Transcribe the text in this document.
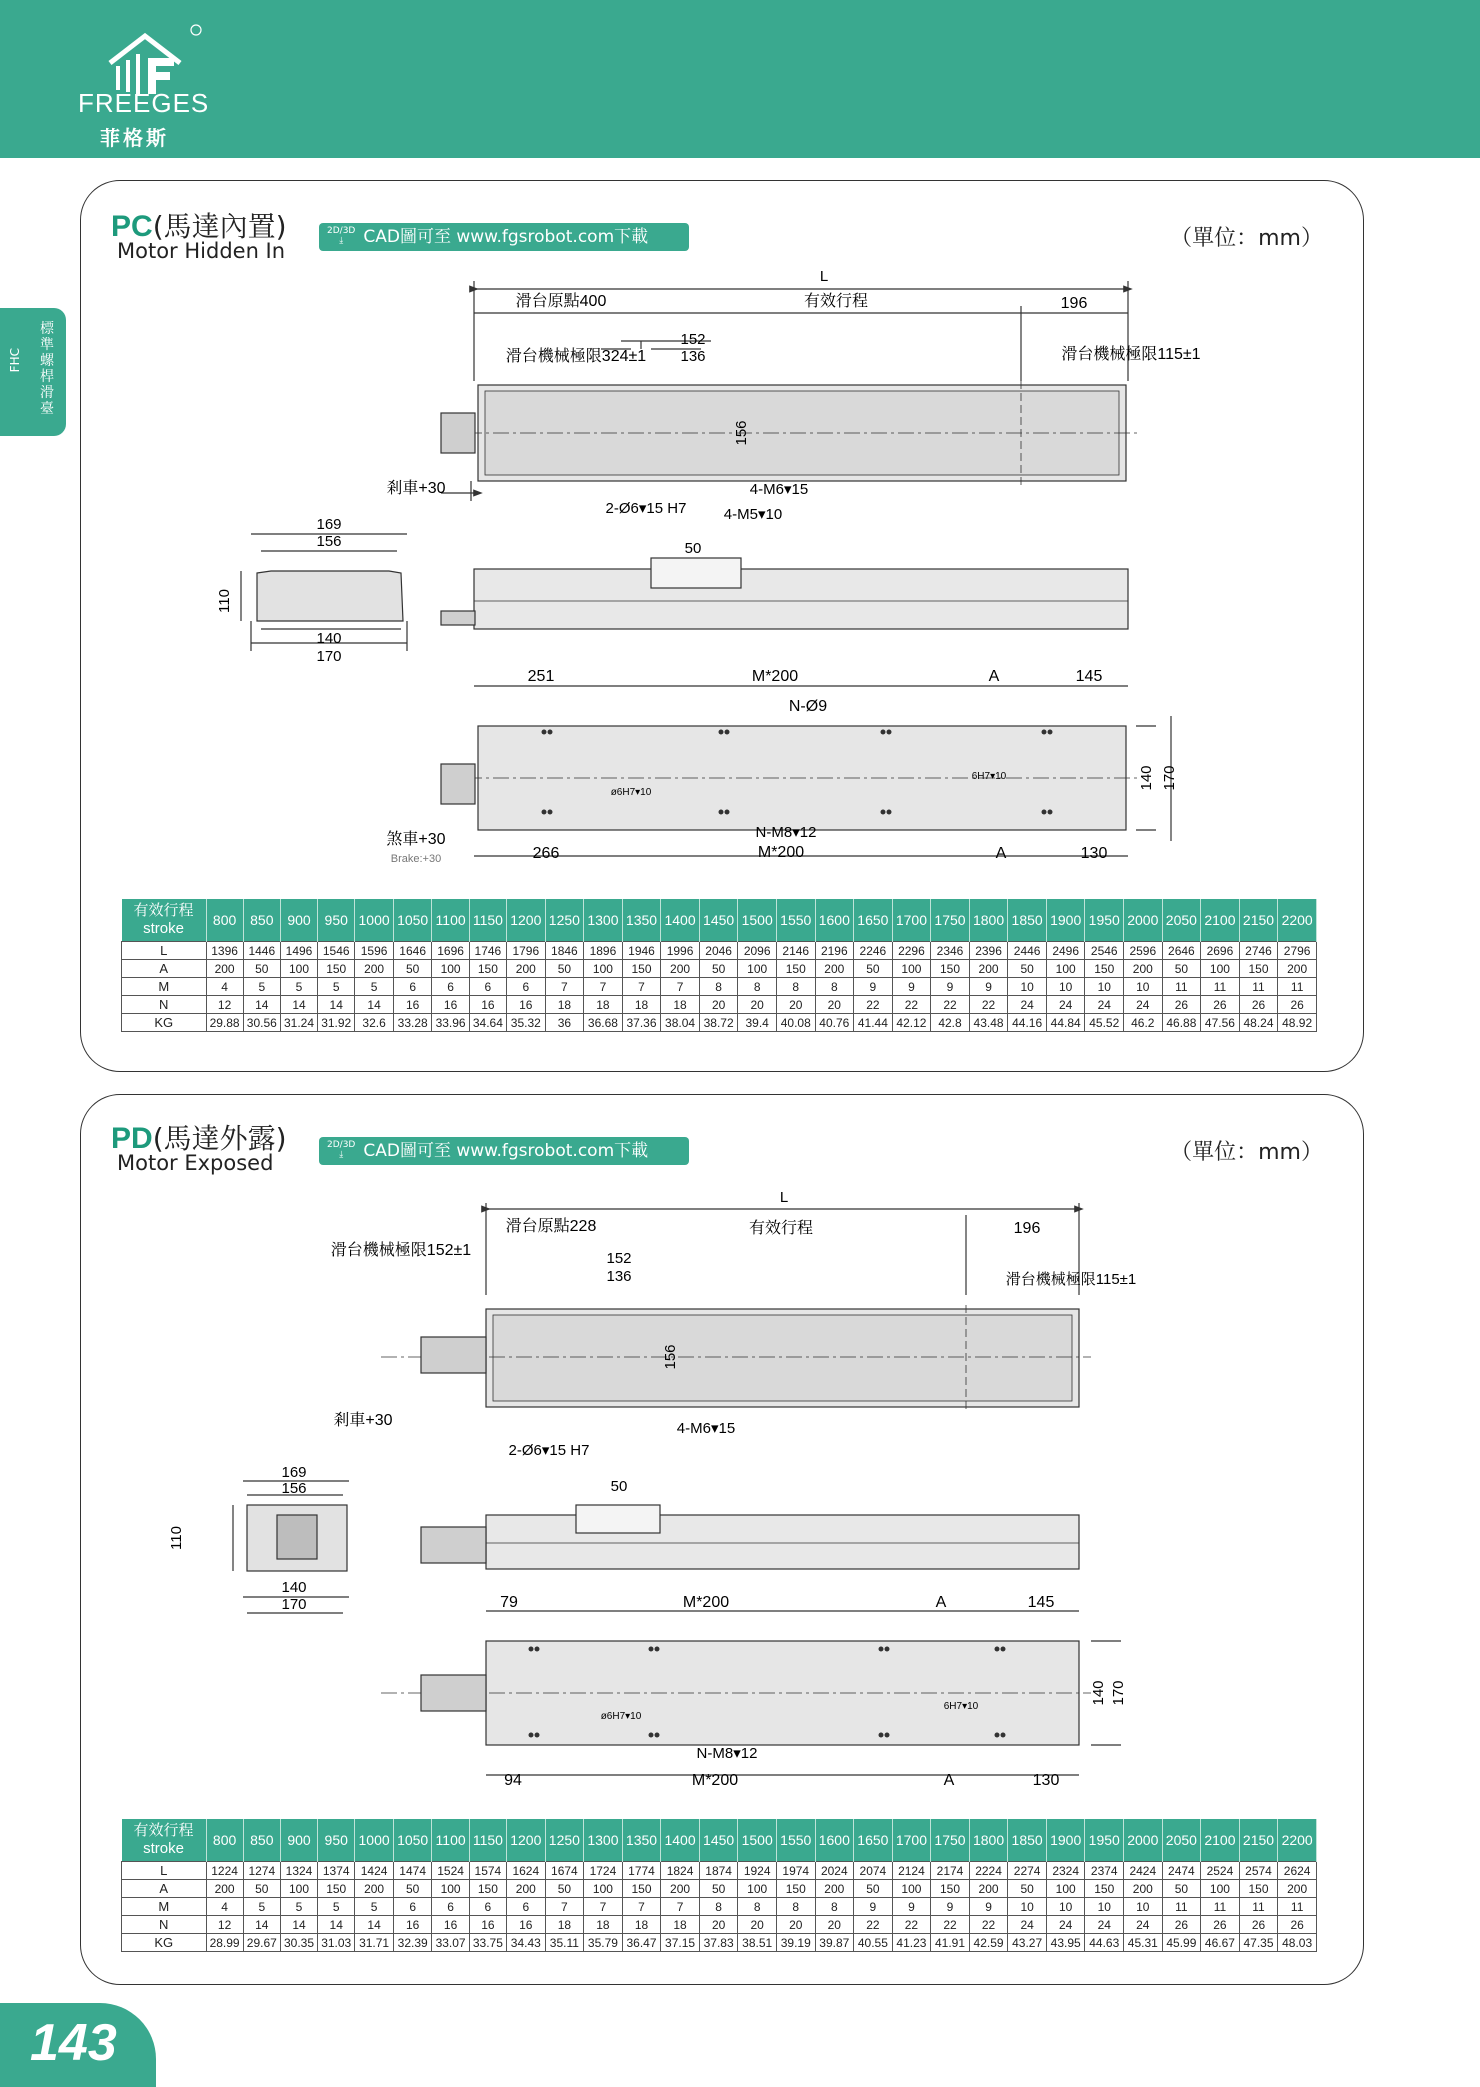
FREEGES
菲格斯
標
準
螺
桿
滑
臺
FHC
PC(馬達內置)
Motor Hidden In
2D/3D
⤓ CAD圖可至 www.fgsrobot.com下載	（單位：mm）
L
滑台原點400	有效行程	196
152
136
滑台機械極限324±1	滑台機械極限115±1
156
剎車+30
2-Ø6▾15 H7
4-M6▾15
4-M5▾10
169
156
110
140
170
50
251	M*200	A	145
N-Ø9
ø6H7▾10
6H7▾10	140 170
煞車+30
Brake:+30
N-M8▾12
266	M*200	A	130
有效行程
stroke	800	850	900	950	1000	1050	1100	1150	1200	1250	1300	1350	1400	1450	1500	1550	1600	1650	1700	1750	1800	1850	1900	1950	2000	2050	2100	2150	2200
L	1396	1446	1496	1546	1596	1646	1696	1746	1796	1846	1896	1946	1996	2046	2096	2146	2196	2246	2296	2346	2396	2446	2496	2546	2596	2646	2696	2746	2796
A	200	50	100	150	200	50	100	150	200	50	100	150	200	50	100	150	200	50	100	150	200	50	100	150	200	50	100	150	200
M	4	5	5	5	5	6	6	6	6	7	7	7	7	8	8	8	8	9	9	9	9	10	10	10	10	11	11	11	11
N	12	14	14	14	14	16	16	16	16	18	18	18	18	20	20	20	20	22	22	22	22	24	24	24	24	26	26	26	26
KG	29.88	30.56	31.24	31.92	32.6	33.28	33.96	34.64	35.32	36	36.68	37.36	38.04	38.72	39.4	40.08	40.76	41.44	42.12	42.8	43.48	44.16	44.84	45.52	46.2	46.88	47.56	48.24	48.92
PD(馬達外露)
Motor Exposed
2D/3D
⤓ CAD圖可至 www.fgsrobot.com下載	（單位：mm）
L
滑台原點228	有效行程	196
152
136
滑台機械極限152±1
滑台機械極限115±1
156
剎車+30
2-Ø6▾15 H7
4-M6▾15
169
156
110
140
170
50
79	M*200	A	145
ø6H7▾10
6H7▾10
140 170
N-M8▾12
94	M*200	A	130
有效行程
stroke	800	850	900	950	1000	1050	1100	1150	1200	1250	1300	1350	1400	1450	1500	1550	1600	1650	1700	1750	1800	1850	1900	1950	2000	2050	2100	2150	2200
L	1224	1274	1324	1374	1424	1474	1524	1574	1624	1674	1724	1774	1824	1874	1924	1974	2024	2074	2124	2174	2224	2274	2324	2374	2424	2474	2524	2574	2624
A	200	50	100	150	200	50	100	150	200	50	100	150	200	50	100	150	200	50	100	150	200	50	100	150	200	50	100	150	200
M	4	5	5	5	5	6	6	6	6	7	7	7	7	8	8	8	8	9	9	9	9	10	10	10	10	11	11	11	11
N	12	14	14	14	14	16	16	16	16	18	18	18	18	20	20	20	20	22	22	22	22	24	24	24	24	26	26	26	26
KG	28.99	29.67	30.35	31.03	31.71	32.39	33.07	33.75	34.43	35.11	35.79	36.47	37.15	37.83	38.51	39.19	39.87	40.55	41.23	41.91	42.59	43.27	43.95	44.63	45.31	45.99	46.67	47.35	48.03
143
